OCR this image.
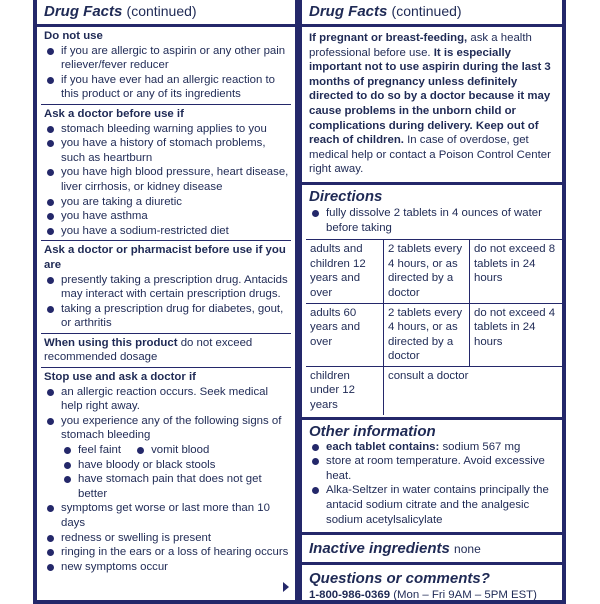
Drug Facts (continued)
Do not use
if you are allergic to aspirin or any other pain reliever/fever reducer
if you have ever had an allergic reaction to this product or any of its ingredients
Ask a doctor before use if
stomach bleeding warning applies to you
you have a history of stomach problems, such as heartburn
you have high blood pressure, heart disease, liver cirrhosis, or kidney disease
you are taking a diuretic
you have asthma
you have a sodium-restricted diet
Ask a doctor or pharmacist before use if you are
presently taking a prescription drug. Antacids may interact with certain prescription drugs.
taking a prescription drug for diabetes, gout, or arthritis
When using this product do not exceed recommended dosage
Stop use and ask a doctor if
an allergic reaction occurs. Seek medical help right away.
you experience any of the following signs of stomach bleeding
feel faint	vomit blood
have bloody or black stools
have stomach pain that does not get better
symptoms get worse or last more than 10 days
redness or swelling is present
ringing in the ears or a loss of hearing occurs
new symptoms occur
Drug Facts (continued)
If pregnant or breast-feeding, ask a health professional before use. It is especially important not to use aspirin during the last 3 months of pregnancy unless definitely directed to do so by a doctor because it may cause problems in the unborn child or complications during delivery. Keep out of reach of children. In case of overdose, get medical help or contact a Poison Control Center right away.
Directions
fully dissolve 2 tablets in 4 ounces of water before taking
adults and children 12 years and over	2 tablets every 4 hours, or as directed by a doctor	do not exceed 8 tablets in 24 hours
adults 60 years and over	2 tablets every 4 hours, or as directed by a doctor	do not exceed 4 tablets in 24 hours
children under 12 years	consult a doctor	
Other information
each tablet contains: sodium 567 mg
store at room temperature. Avoid excessive heat.
Alka-Seltzer in water contains principally the antacid sodium citrate and the analgesic sodium acetylsalicylate
Inactive ingredients none
Questions or comments?
1-800-986-0369 (Mon – Fri 9AM – 5PM EST)
